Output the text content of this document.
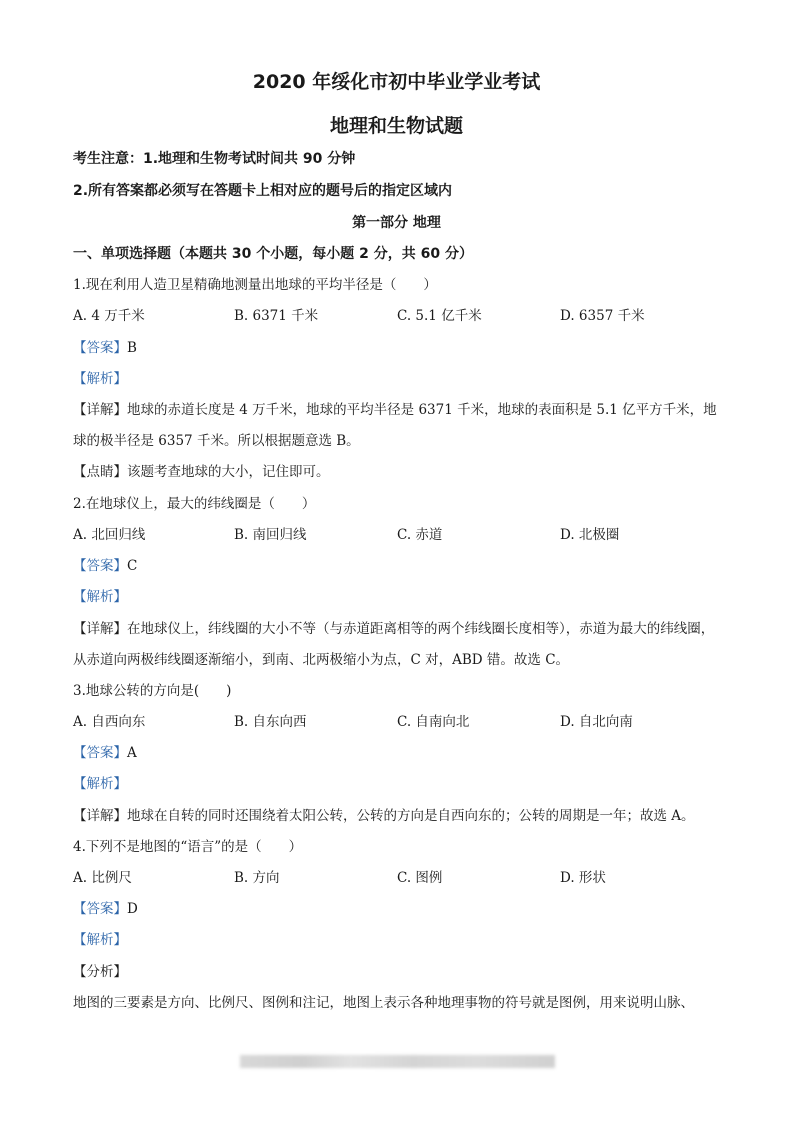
2020 年绥化市初中毕业学业考试
地理和生物试题
考生注意：1.地理和生物考试时间共 90 分钟
2.所有答案都必须写在答题卡上相对应的题号后的指定区域内
第一部分 地理
一、单项选择题（本题共 30 个小题，每小题 2 分，共 60 分）
1.现在利用人造卫星精确地测量出地球的平均半径是（　　）
A. 4 万千米	B. 6371 千米	C. 5.1 亿千米	D. 6357 千米
【答案】B
【解析】
【详解】地球的赤道长度是 4 万千米，地球的平均半径是 6371 千米，地球的表面积是 5.1 亿平方千米，地
球的极半径是 6357 千米。所以根据题意选 B。
【点睛】该题考查地球的大小，记住即可。
2.在地球仪上，最大的纬线圈是（　　）
A. 北回归线	B. 南回归线	C. 赤道	D. 北极圈
【答案】C
【解析】
【详解】在地球仪上，纬线圈的大小不等（与赤道距离相等的两个纬线圈长度相等），赤道为最大的纬线圈，
从赤道向两极纬线圈逐渐缩小，到南、北两极缩小为点，C 对，ABD 错。故选 C。
3.地球公转的方向是(　　)
A. 自西向东	B. 自东向西	C. 自南向北	D. 自北向南
【答案】A
【解析】
【详解】地球在自转的同时还围绕着太阳公转，公转的方向是自西向东的；公转的周期是一年；故选 A。
4.下列不是地图的“语言”的是（　　）
A. 比例尺	B. 方向	C. 图例	D. 形状
【答案】D
【解析】
【分析】
地图的三要素是方向、比例尺、图例和注记，地图上表示各种地理事物的符号就是图例，用来说明山脉、
